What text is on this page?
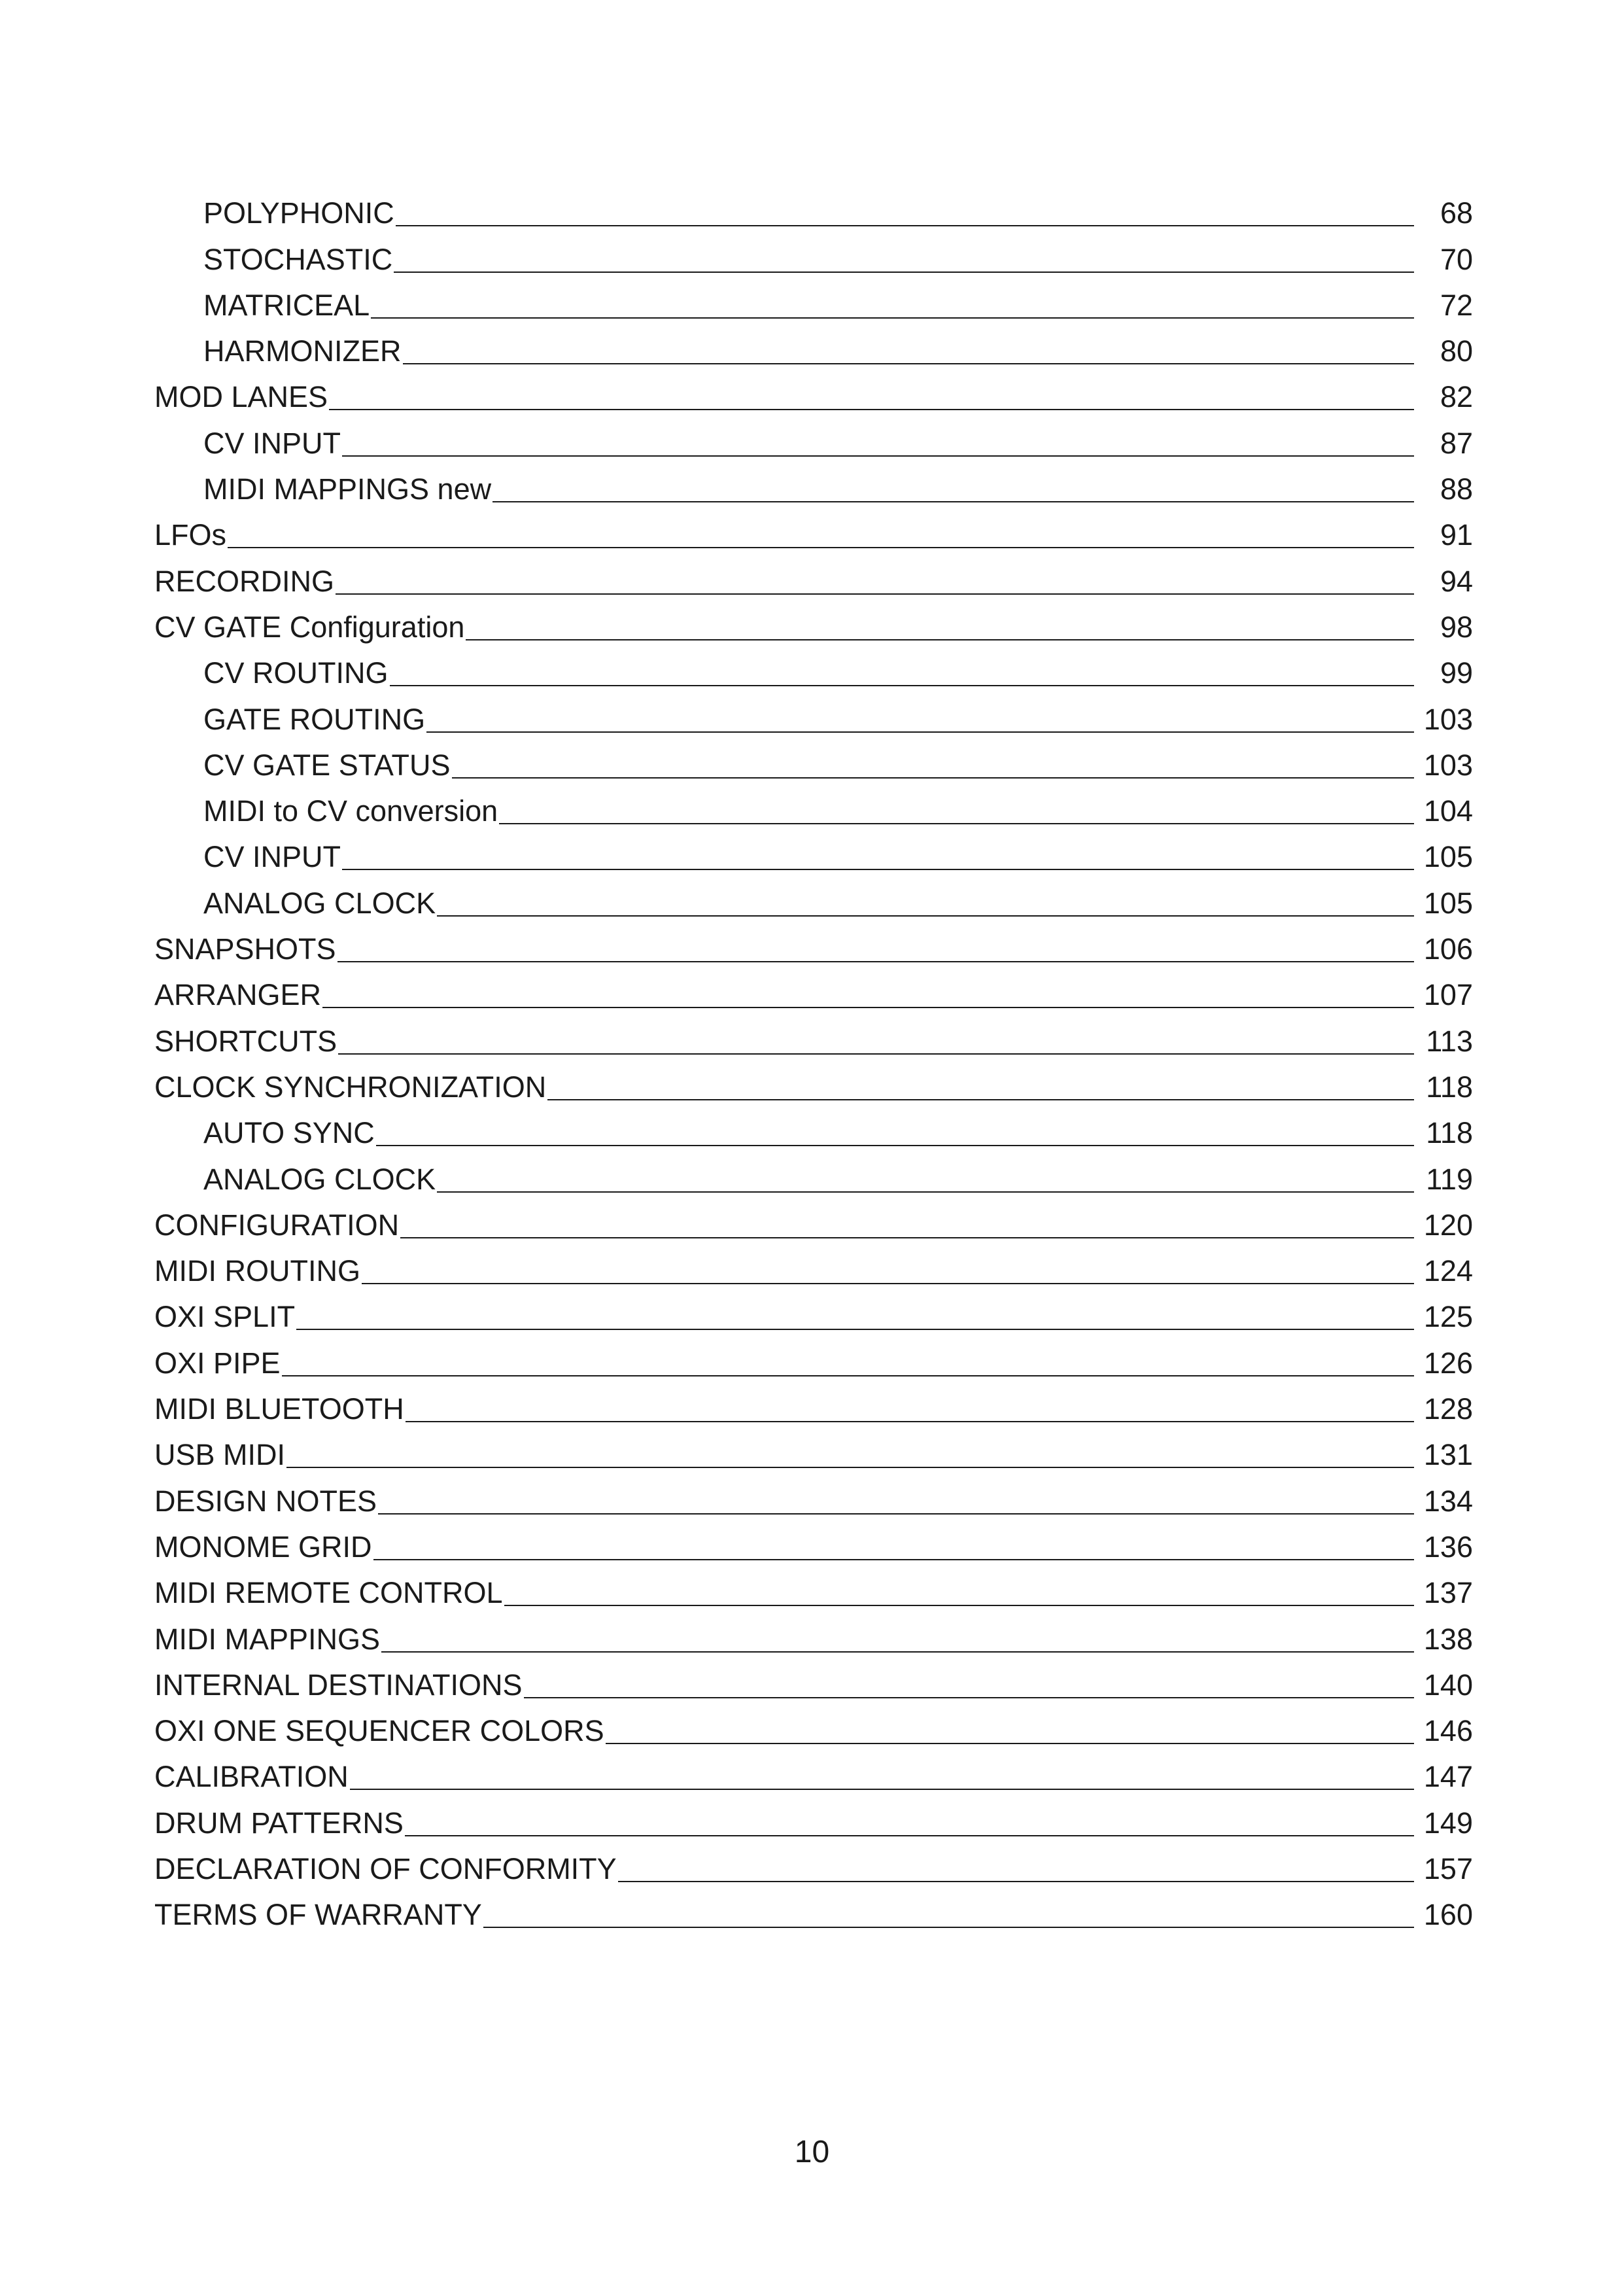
POLYPHONIC	68
STOCHASTIC	70
MATRICEAL	72
HARMONIZER	80
MOD LANES	82
CV INPUT	87
MIDI MAPPINGS new	88
LFOs	91
RECORDING	94
CV GATE Configuration	98
CV ROUTING	99
GATE ROUTING	103
CV GATE STATUS	103
MIDI to CV conversion	104
CV INPUT	105
ANALOG CLOCK	105
SNAPSHOTS	106
ARRANGER	107
SHORTCUTS	113
CLOCK SYNCHRONIZATION	118
AUTO SYNC	118
ANALOG CLOCK	119
CONFIGURATION	120
MIDI ROUTING	124
OXI SPLIT	125
OXI PIPE	126
MIDI BLUETOOTH	128
USB MIDI	131
DESIGN NOTES	134
MONOME GRID	136
MIDI REMOTE CONTROL	137
MIDI MAPPINGS	138
INTERNAL DESTINATIONS	140
OXI ONE SEQUENCER COLORS	146
CALIBRATION	147
DRUM PATTERNS	149
DECLARATION OF CONFORMITY	157
TERMS OF WARRANTY	160
10
